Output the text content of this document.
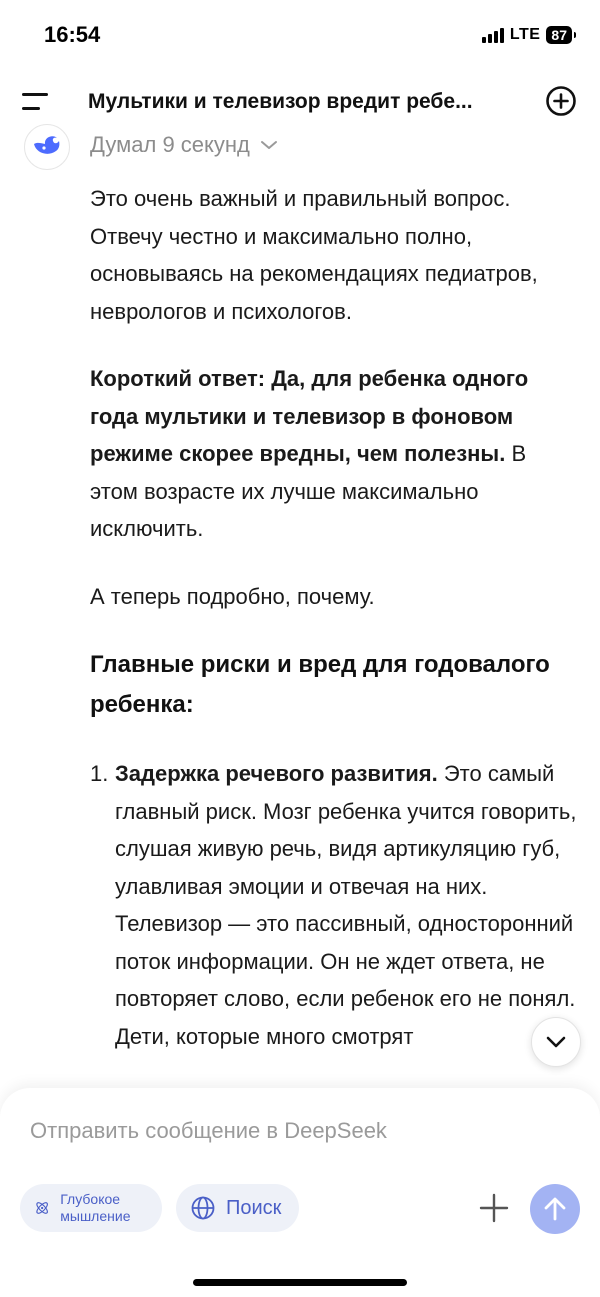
16:54	LTE 87
Мультики и телевизор вредит ребе...
Думал 9 секунд

Это очень важный и правильный вопрос. Отвечу честно и максимально полно, основываясь на рекомендациях педиатров, неврологов и психологов.

Короткий ответ: Да, для ребенка одного года мультики и телевизор в фоновом режиме скорее вредны, чем полезны. В этом возрасте их лучше максимально исключить.

А теперь подробно, почему.

Главные риски и вред для годовалого ребенка:
1. Задержка речевого развития. Это самый главный риск. Мозг ребенка учится говорить, слушая живую речь, видя артикуляцию губ, улавливая эмоции и отвечая на них. Телевизор — это пассивный, односторонний поток информации. Он не ждет ответа, не повторяет слово, если ребенок его не понял. Дети, которые много смотрят
Отправить сообщение в DeepSeek
Глубокое мышление	Поиск
